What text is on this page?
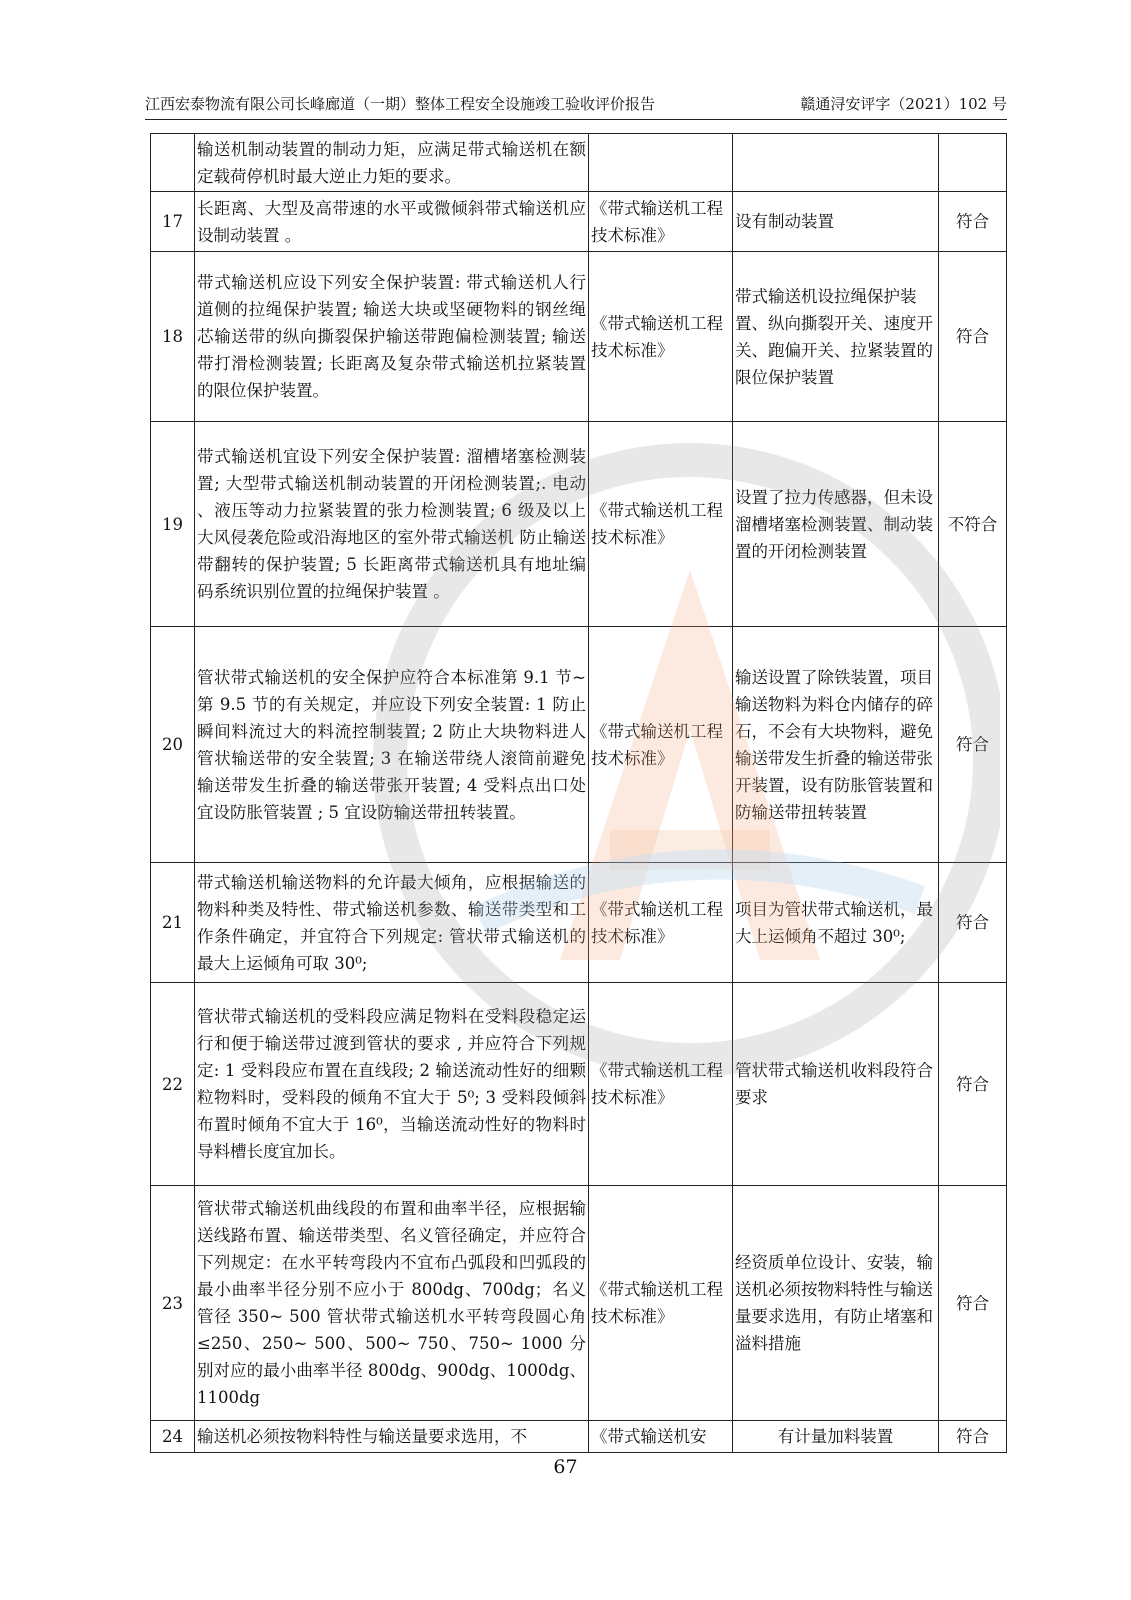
江西宏泰物流有限公司长峰廊道（一期）整体工程安全设施竣工验收评价报告	赣通浔安评字（2021）102 号
	输送机制动装置的制动力矩，应满足带式输送机在额定载荷停机时最大逆止力矩的要求。			
17	长距离、大型及高带速的水平或微倾斜带式输送机应设制动装置 。	《带式输送机工程技术标准》	设有制动装置	符合
18	带式输送机应设下列安全保护装置: 带式输送机人行道侧的拉绳保护装置; 输送大块或坚硬物料的钢丝绳芯输送带的纵向撕裂保护输送带跑偏检测装置; 输送带打滑检测装置; 长距离及复杂带式输送机拉紧装置的限位保护装置。	《带式输送机工程技术标准》	带式输送机设拉绳保护装置、纵向撕裂开关、速度开关、跑偏开关、拉紧装置的限位保护装置	符合
19	带式输送机宜设下列安全保护装置: 溜槽堵塞检测装置; 大型带式输送机制动装置的开闭检测装置;. 电动 、液压等动力拉紧装置的张力检测装置; 6 级及以上大风侵袭危险或沿海地区的室外带式输送机 防止输送带翻转的保护装置; 5 长距离带式输送机具有地址编码系统识别位置的拉绳保护装置 。	《带式输送机工程技术标准》	设置了拉力传感器，但未设溜槽堵塞检测装置、制动装置的开闭检测装置	不符合
20	管状带式输送机的安全保护应符合本标准第 9.1 节~第 9.5 节的有关规定，并应设下列安全装置: 1 防止瞬间料流过大的料流控制装置; 2 防止大块物料进人管状输送带的安全装置; 3 在输送带绕人滚筒前避免输送带发生折叠的输送带张开装置; 4 受料点出口处宜设防胀管装置 ; 5 宜设防输送带扭转装置。	《带式输送机工程技术标准》	输送设置了除铁装置，项目输送物料为料仓内储存的碎石，不会有大块物料，避免输送带发生折叠的输送带张开装置，设有防胀管装置和防输送带扭转装置	符合
21	带式输送机输送物料的允许最大倾角，应根据输送的物料种类及特性、带式输送机参数、输送带类型和工作条件确定，并宜符合下列规定: 管状带式输送机的最大上运倾角可取 30⁰;	《带式输送机工程技术标准》	项目为管状带式输送机，最大上运倾角不超过 30⁰;	符合
22	管状带式输送机的受料段应满足物料在受料段稳定运行和便于输送带过渡到管状的要求 , 并应符合下列规定: 1 受料段应布置在直线段; 2 输送流动性好的细颗粒物料时，受料段的倾角不宜大于 5⁰; 3 受料段倾斜布置时倾角不宜大于 16⁰，当输送流动性好的物料时导料槽长度宜加长。	《带式输送机工程技术标准》	管状带式输送机收料段符合要求	符合
23	管状带式输送机曲线段的布置和曲率半径，应根据输送线路布置、输送带类型、名义管径确定，并应符合下列规定：在水平转弯段内不宜布凸弧段和凹弧段的最小曲率半径分别不应小于 800dg、700dg；名义管径 350~ 500 管状带式输送机水平转弯段圆心角≤250、250~ 500、500~ 750、750~ 1000 分别对应的最小曲率半径 800dg、900dg、1000dg、1100dg	《带式输送机工程技术标准》	经资质单位设计、安装，输送机必须按物料特性与输送量要求选用，有防止堵塞和溢料措施	符合
24	输送机必须按物料特性与输送量要求选用，不	《带式输送机安	有计量加料装置	符合
67
